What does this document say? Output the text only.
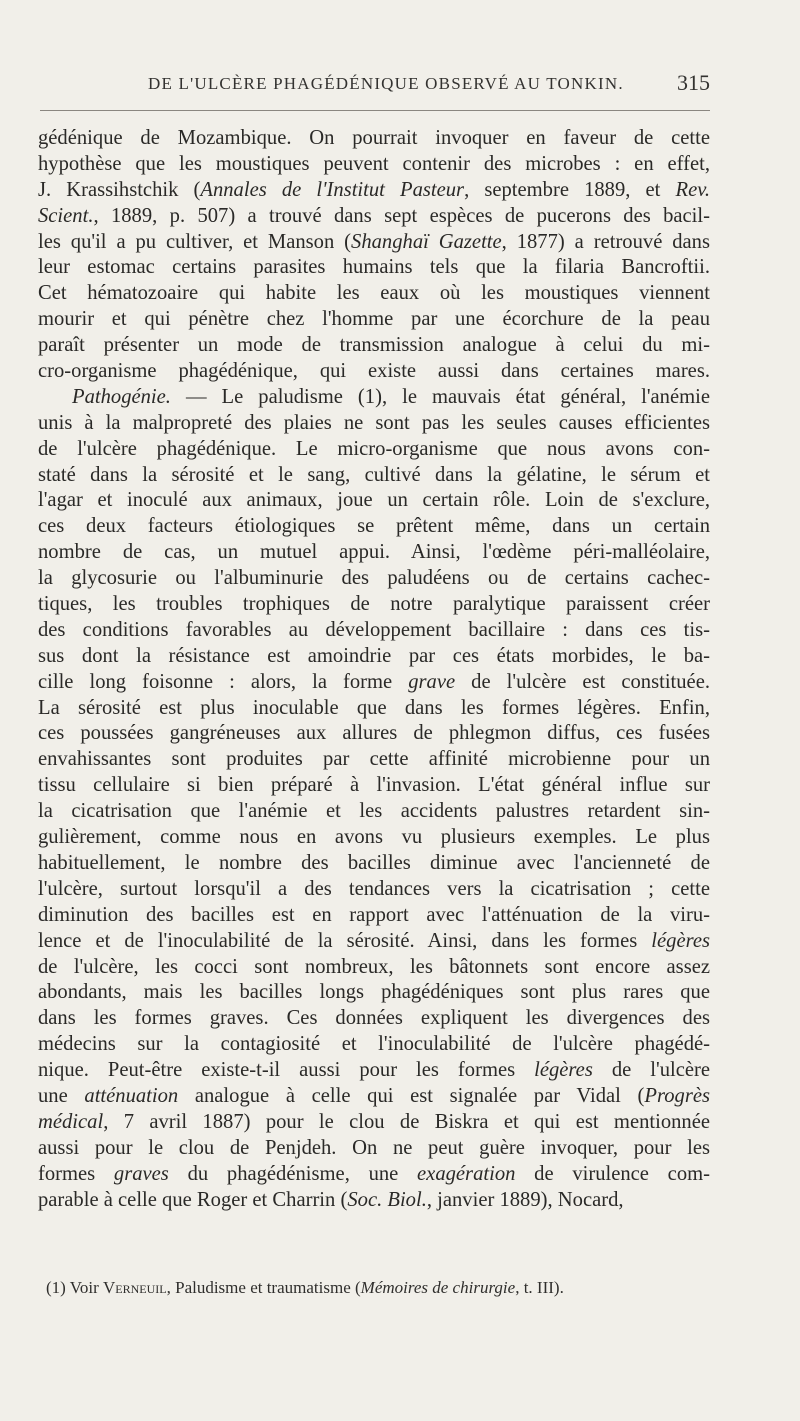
DE L'ULCÈRE PHAGÉDÉNIQUE OBSERVÉ AU TONKIN. 315
gédénique de Mozambique. On pourrait invoquer en faveur de cette
hypothèse que les moustiques peuvent contenir des microbes : en effet,
J. Krassihstchik (Annales de l'Institut Pasteur, septembre 1889, et Rev.
Scient., 1889, p. 507) a trouvé dans sept espèces de pucerons des bacil-
les qu'il a pu cultiver, et Manson (Shanghaï Gazette, 1877) a retrouvé dans
leur estomac certains parasites humains tels que la filaria Bancroftii.
Cet hématozoaire qui habite les eaux où les moustiques viennent
mourir et qui pénètre chez l'homme par une écorchure de la peau
paraît présenter un mode de transmission analogue à celui du mi-
cro-organisme phagédénique, qui existe aussi dans certaines mares.
Pathogénie. — Le paludisme (1), le mauvais état général, l'anémie
unis à la malpropreté des plaies ne sont pas les seules causes efficientes
de l'ulcère phagédénique. Le micro-organisme que nous avons con-
staté dans la sérosité et le sang, cultivé dans la gélatine, le sérum et
l'agar et inoculé aux animaux, joue un certain rôle. Loin de s'exclure,
ces deux facteurs étiologiques se prêtent même, dans un certain
nombre de cas, un mutuel appui. Ainsi, l'œdème péri-malléolaire,
la glycosurie ou l'albuminurie des paludéens ou de certains cachec-
tiques, les troubles trophiques de notre paralytique paraissent créer
des conditions favorables au développement bacillaire : dans ces tis-
sus dont la résistance est amoindrie par ces états morbides, le ba-
cille long foisonne : alors, la forme grave de l'ulcère est constituée.
La sérosité est plus inoculable que dans les formes légères. Enfin,
ces poussées gangréneuses aux allures de phlegmon diffus, ces fusées
envahissantes sont produites par cette affinité microbienne pour un
tissu cellulaire si bien préparé à l'invasion. L'état général influe sur
la cicatrisation que l'anémie et les accidents palustres retardent sin-
gulièrement, comme nous en avons vu plusieurs exemples. Le plus
habituellement, le nombre des bacilles diminue avec l'ancienneté de
l'ulcère, surtout lorsqu'il a des tendances vers la cicatrisation ; cette
diminution des bacilles est en rapport avec l'atténuation de la viru-
lence et de l'inoculabilité de la sérosité. Ainsi, dans les formes légères
de l'ulcère, les cocci sont nombreux, les bâtonnets sont encore assez
abondants, mais les bacilles longs phagédéniques sont plus rares que
dans les formes graves. Ces données expliquent les divergences des
médecins sur la contagiosité et l'inoculabilité de l'ulcère phagédé-
nique. Peut-être existe-t-il aussi pour les formes légères de l'ulcère
une atténuation analogue à celle qui est signalée par Vidal (Progrès
médical, 7 avril 1887) pour le clou de Biskra et qui est mentionnée
aussi pour le clou de Penjdeh. On ne peut guère invoquer, pour les
formes graves du phagédénisme, une exagération de virulence com-
parable à celle que Roger et Charrin (Soc. Biol., janvier 1889), Nocard,
(1) Voir Verneuil, Paludisme et traumatisme (Mémoires de chirurgie, t. III).
